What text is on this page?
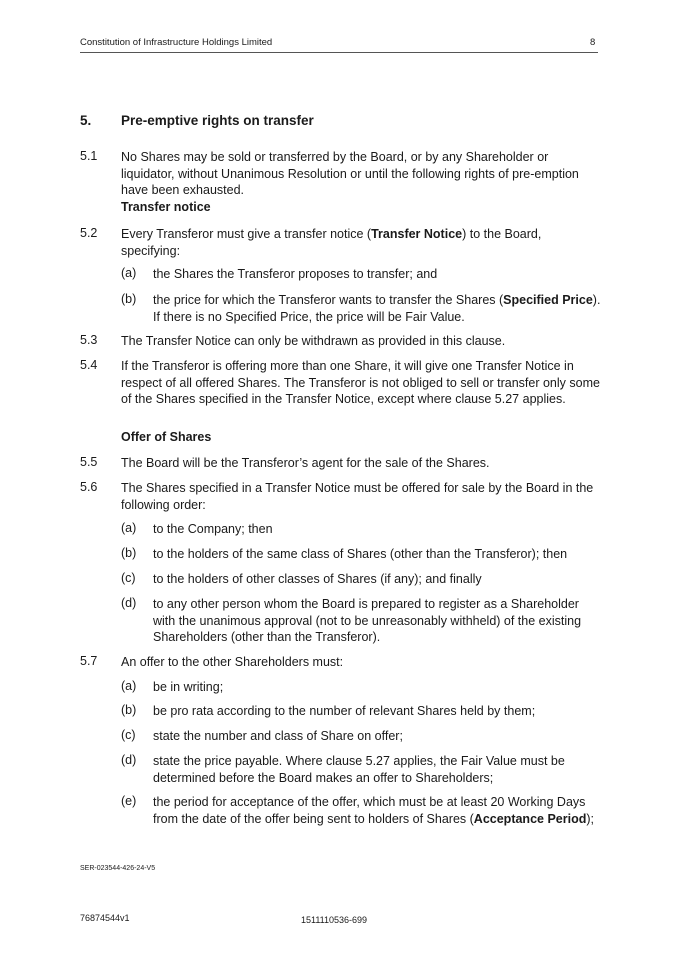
Constitution of Infrastructure Holdings Limited	8
5. Pre-emptive rights on transfer
5.1 No Shares may be sold or transferred by the Board, or by any Shareholder or liquidator, without Unanimous Resolution or until the following rights of pre-emption have been exhausted.
Transfer notice
5.2 Every Transferor must give a transfer notice (Transfer Notice) to the Board, specifying:
(a) the Shares the Transferor proposes to transfer; and
(b) the price for which the Transferor wants to transfer the Shares (Specified Price). If there is no Specified Price, the price will be Fair Value.
5.3 The Transfer Notice can only be withdrawn as provided in this clause.
5.4 If the Transferor is offering more than one Share, it will give one Transfer Notice in respect of all offered Shares. The Transferor is not obliged to sell or transfer only some of the Shares specified in the Transfer Notice, except where clause 5.27 applies.
Offer of Shares
5.5 The Board will be the Transferor’s agent for the sale of the Shares.
5.6 The Shares specified in a Transfer Notice must be offered for sale by the Board in the following order:
(a) to the Company; then
(b) to the holders of the same class of Shares (other than the Transferor); then
(c) to the holders of other classes of Shares (if any); and finally
(d) to any other person whom the Board is prepared to register as a Shareholder with the unanimous approval (not to be unreasonably withheld) of the existing Shareholders (other than the Transferor).
5.7 An offer to the other Shareholders must:
(a) be in writing;
(b) be pro rata according to the number of relevant Shares held by them;
(c) state the number and class of Share on offer;
(d) state the price payable. Where clause 5.27 applies, the Fair Value must be determined before the Board makes an offer to Shareholders;
(e) the period for acceptance of the offer, which must be at least 20 Working Days from the date of the offer being sent to holders of Shares (Acceptance Period);
SER-023544-426-24-V5
76874544v1	1511110536-699
